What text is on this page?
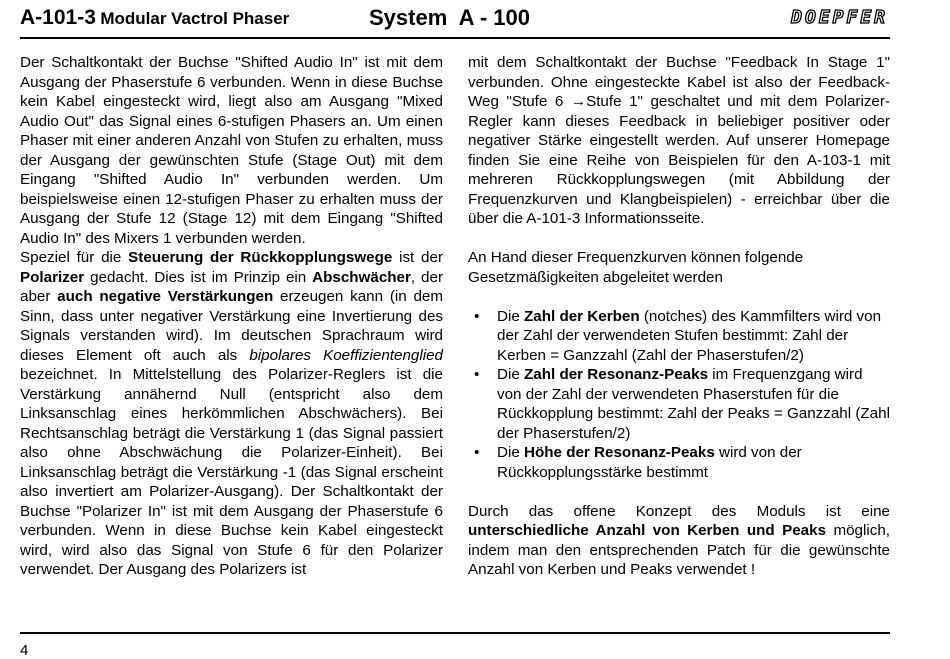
A-101-3 Modular Vactrol Phaser	System  A - 100	DOEPFER

Der Schaltkontakt der Buchse "Shifted Audio In" ist mit dem Ausgang der Phaserstufe 6 verbunden. Wenn in diese Buchse kein Kabel eingesteckt wird, liegt also am Ausgang "Mixed Audio Out" das Signal eines 6-stufigen Phasers an. Um einen Phaser mit einer anderen Anzahl von Stufen zu erhalten, muss der Ausgang der gewünschten Stufe (Stage Out) mit dem Eingang "Shifted Audio In" verbunden werden. Um beispielsweise einen 12-stufigen Phaser zu erhalten muss der Ausgang der Stufe 12 (Stage 12) mit dem Eingang "Shifted Audio In" des Mixers 1 verbunden werden.

Speziel für die Steuerung der Rückkopplungswege ist der Polarizer gedacht. Dies ist im Prinzip ein Abschwächer, der aber auch negative Verstärkungen erzeugen kann (in dem Sinn, dass unter negativer Verstärkung eine Invertierung des Signals verstanden wird). Im deutschen Sprachraum wird dieses Element oft auch als bipolares Koeffizientenglied bezeichnet. In Mittelstellung des Polarizer-Reglers ist die Verstärkung annähernd Null (entspricht also dem Linksanschlag eines herkömmlichen Abschwächers). Bei Rechtsanschlag beträgt die Verstärkung 1 (das Signal passiert also ohne Abschwächung die Polarizer-Einheit). Bei Linksanschlag beträgt die Verstärkung -1 (das Signal erscheint also invertiert am Polarizer-Ausgang). Der Schaltkontakt der Buchse "Polarizer In" ist mit dem Ausgang der Phaserstufe 6 verbunden. Wenn in diese Buchse kein Kabel eingesteckt wird, wird also das Signal von Stufe 6 für den Polarizer verwendet. Der Ausgang des Polarizers ist

mit dem Schaltkontakt der Buchse "Feedback In Stage 1" verbunden. Ohne eingesteckte Kabel ist also der Feedback-Weg "Stufe 6 →Stufe 1" geschaltet und mit dem Polarizer-Regler kann dieses Feedback in beliebiger positiver oder negativer Stärke eingestellt werden. Auf unserer Homepage finden Sie eine Reihe von Beispielen für den A-103-1 mit mehreren Rückkopplungswegen (mit Abbildung der Frequenzkurven und Klangbeispielen) - erreichbar über die über die A-101-3 Informationsseite.

An Hand dieser Frequenzkurven können folgende Gesetzmäßigkeiten abgeleitet werden

• Die Zahl der Kerben (notches) des Kammfilters wird von der Zahl der verwendeten Stufen bestimmt: Zahl der Kerben = Ganzzahl (Zahl der Phaserstufen/2)
• Die Zahl der Resonanz-Peaks im Frequenzgang wird von der Zahl der verwendeten Phaserstufen für die Rückkopplung bestimmt: Zahl der Peaks = Ganzzahl (Zahl der Phaserstufen/2)
• Die Höhe der Resonanz-Peaks wird von der Rückkopplungsstärke bestimmt

Durch das offene Konzept des Moduls ist eine unterschiedliche Anzahl von Kerben und Peaks möglich, indem man den entsprechenden Patch für die gewünschte Anzahl von Kerben und Peaks verwendet !

4
